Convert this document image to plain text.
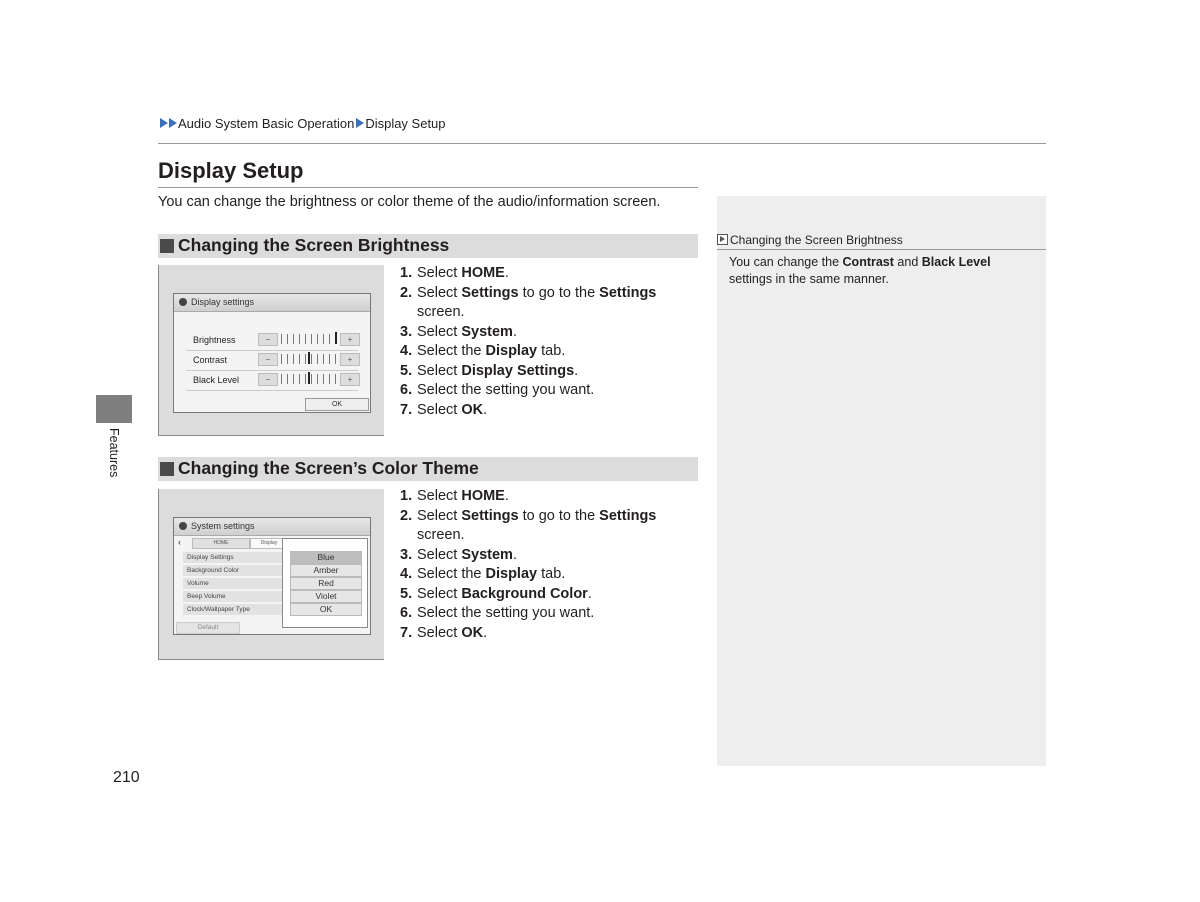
Audio System Basic Operation Display Setup
Display Setup
You can change the brightness or color theme of the audio/information screen.
Changing the Screen Brightness
Display settings
Brightness	−	+
Contrast	−	+
Black Level	−	+
OK
1. Select HOME.
2. Select Settings to go to the Settings
screen.
3. Select System.
4. Select the Display tab.
5. Select Display Settings.
6. Select the setting you want.
7. Select OK.
Changing the Screen’s Color Theme
System settings
‹	HOME	Display
Display Settings
Background Color
Volume
Beep Volume
Clock/Wallpaper Type
Default
Blue
Amber
Red
Violet
OK
1. Select HOME.
2. Select Settings to go to the Settings
screen.
3. Select System.
4. Select the Display tab.
5. Select Background Color.
6. Select the setting you want.
7. Select OK.
Changing the Screen Brightness
You can change the Contrast and Black Level settings in the same manner.
Features
210
